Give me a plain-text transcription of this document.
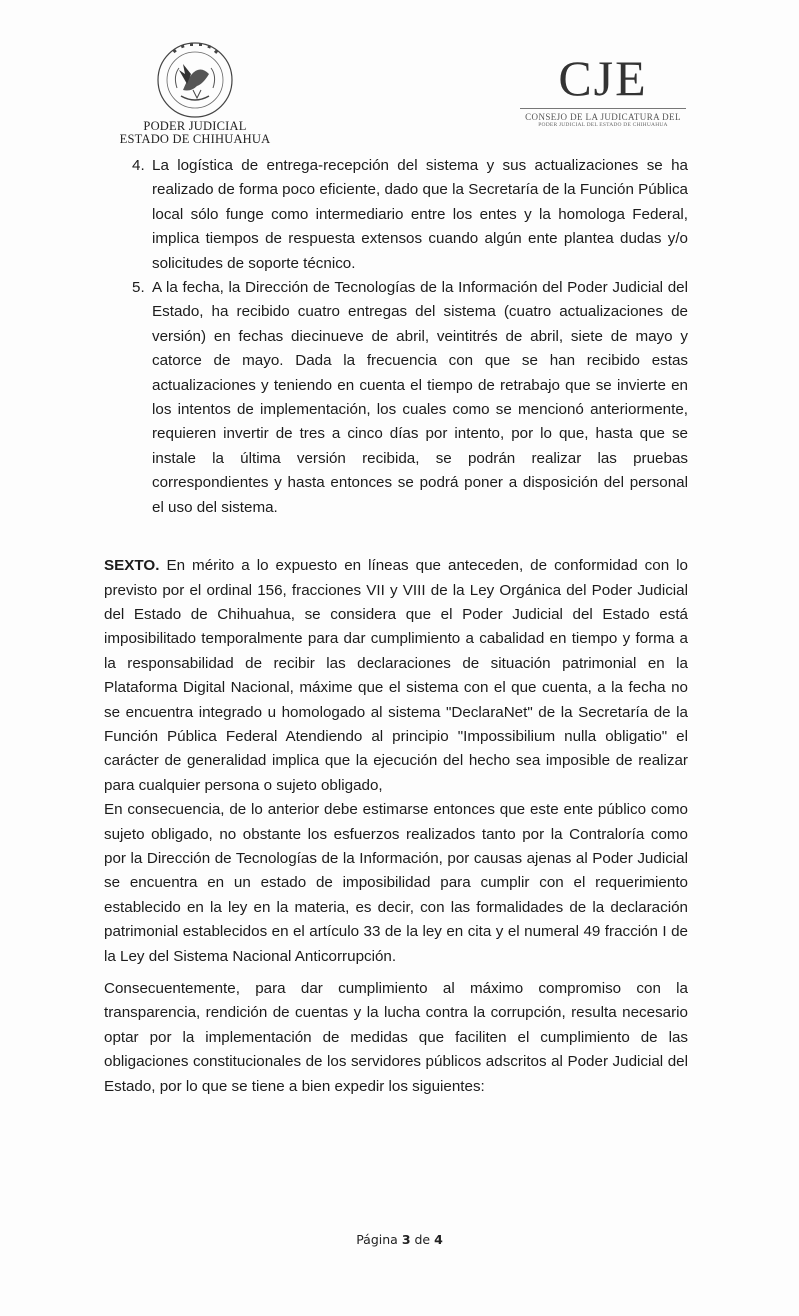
PODER JUDICIAL
ESTADO DE CHIHUAHUA
CJE
CONSEJO DE LA JUDICATURA DEL
PODER JUDICIAL DEL ESTADO DE CHIHUAHUA
4. La logística de entrega-recepción del sistema y sus actualizaciones se ha realizado de forma poco eficiente, dado que la Secretaría de la Función Pública local sólo funge como intermediario entre los entes y la homologa Federal, implica tiempos de respuesta extensos cuando algún ente plantea dudas y/o solicitudes de soporte técnico.
5. A la fecha, la Dirección de Tecnologías de la Información del Poder Judicial del Estado, ha recibido cuatro entregas del sistema (cuatro actualizaciones de versión) en fechas diecinueve de abril, veintitrés de abril, siete de mayo y catorce de mayo. Dada la frecuencia con que se han recibido estas actualizaciones y teniendo en cuenta el tiempo de retrabajo que se invierte en los intentos de implementación, los cuales como se mencionó anteriormente, requieren invertir de tres a cinco días por intento, por lo que, hasta que se instale la última versión recibida, se podrán realizar las pruebas correspondientes y hasta entonces se podrá poner a disposición del personal el uso del sistema.
SEXTO. En mérito a lo expuesto en líneas que anteceden, de conformidad con lo previsto por el ordinal 156, fracciones VII y VIII de la Ley Orgánica del Poder Judicial del Estado de Chihuahua, se considera que el Poder Judicial del Estado está imposibilitado temporalmente para dar cumplimiento a cabalidad en tiempo y forma a la responsabilidad de recibir las declaraciones de situación patrimonial en la Plataforma Digital Nacional, máxime que el sistema con el que cuenta, a la fecha no se encuentra integrado u homologado al sistema "DeclaraNet" de la Secretaría de la Función Pública Federal Atendiendo al principio "Impossibilium nulla obligatio" el carácter de generalidad implica que la ejecución del hecho sea imposible de realizar para cualquier persona o sujeto obligado,
En consecuencia, de lo anterior debe estimarse entonces que este ente público como sujeto obligado, no obstante los esfuerzos realizados tanto por la Contraloría como por la Dirección de Tecnologías de la Información, por causas ajenas al Poder Judicial se encuentra en un estado de imposibilidad para cumplir con el requerimiento establecido en la ley en la materia, es decir, con las formalidades de la declaración patrimonial establecidos en el artículo 33 de la ley en cita y el numeral 49 fracción I de la Ley del Sistema Nacional Anticorrupción.
Consecuentemente, para dar cumplimiento al máximo compromiso con la transparencia, rendición de cuentas y la lucha contra la corrupción, resulta necesario optar por la implementación de medidas que faciliten el cumplimiento de las obligaciones constitucionales de los servidores públicos adscritos al Poder Judicial del Estado, por lo que se tiene a bien expedir los siguientes:
Página 3 de 4
